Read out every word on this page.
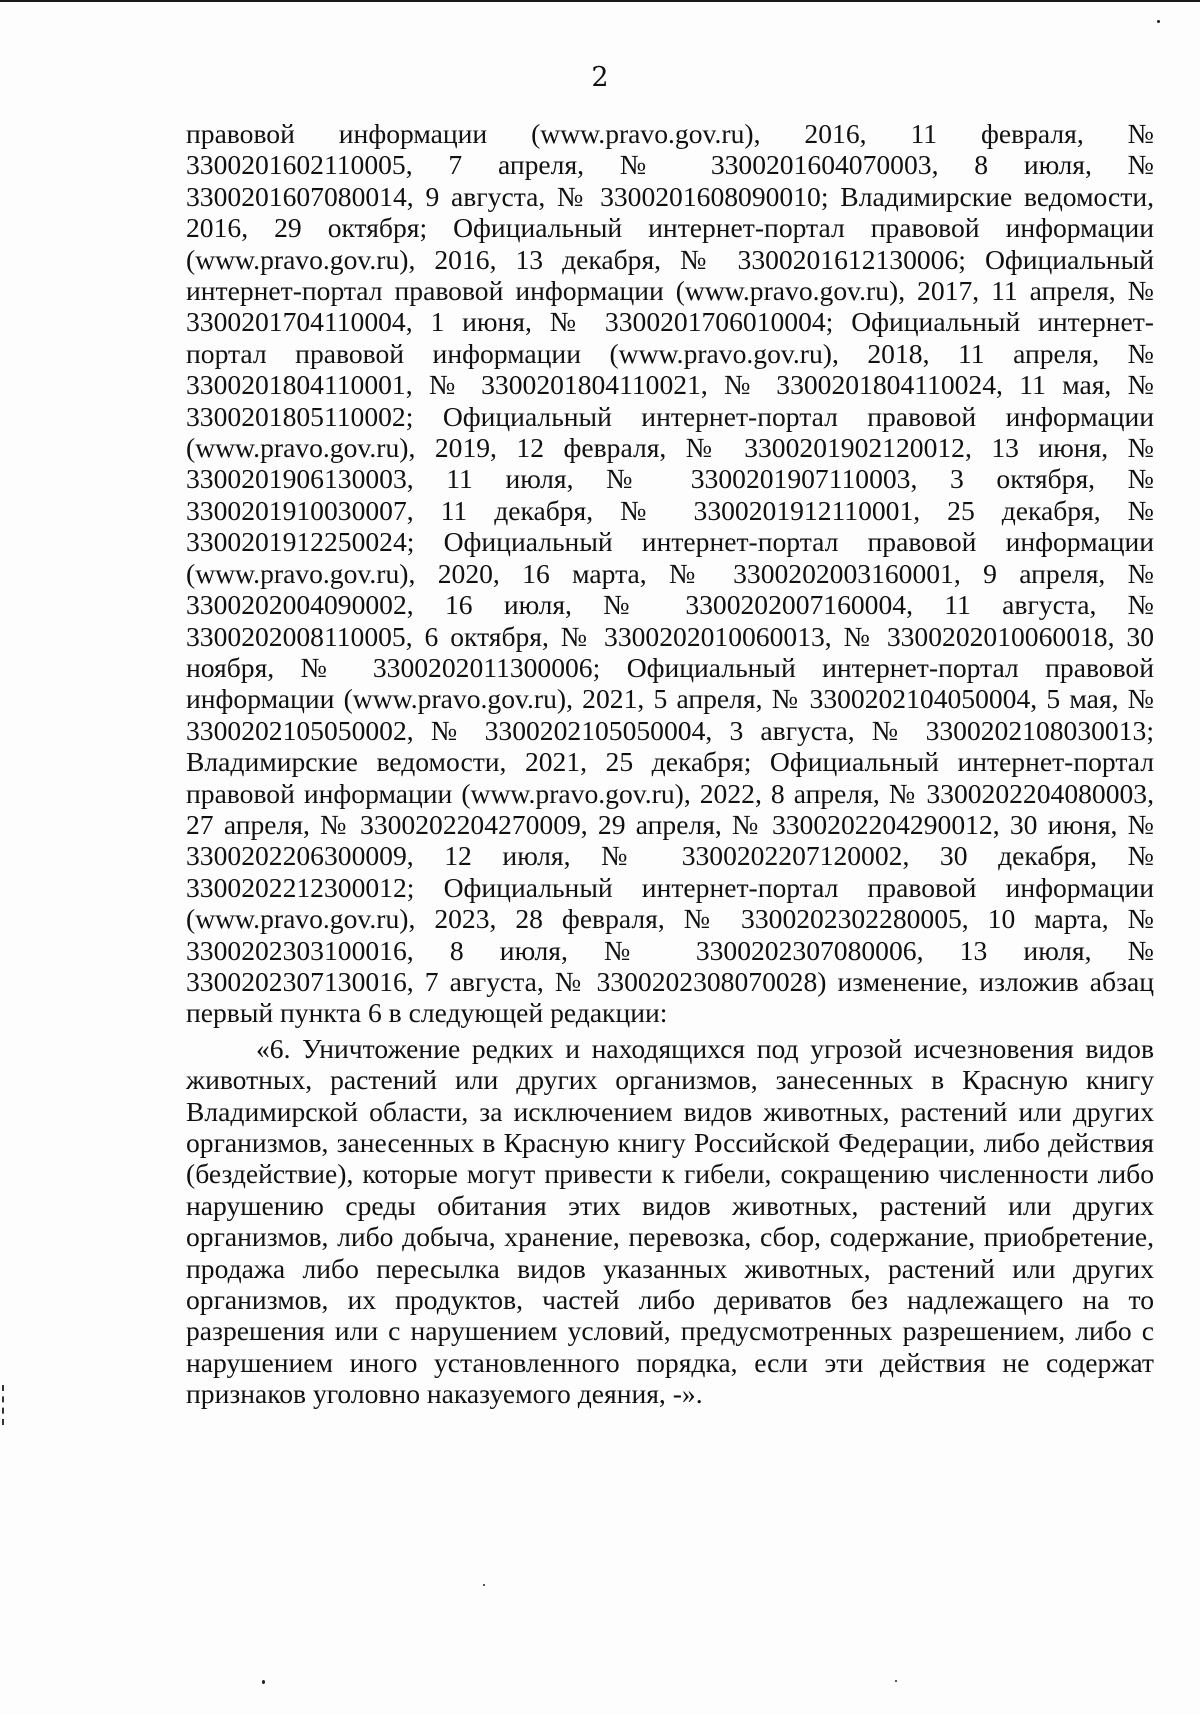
2

правовой информации (www.pravo.gov.ru), 2016, 11 февраля, № 3300201602110005, 7 апреля, № 3300201604070003, 8 июля, № 3300201607080014, 9 августа, № 3300201608090010; Владимирские ведомости, 2016, 29 октября; Официальный интернет-портал правовой информации (www.pravo.gov.ru), 2016, 13 декабря, № 3300201612130006; Официальный интернет-портал правовой информации (www.pravo.gov.ru), 2017, 11 апреля, № 3300201704110004, 1 июня, № 3300201706010004; Официальный интернет-портал правовой информации (www.pravo.gov.ru), 2018, 11 апреля, № 3300201804110001, № 3300201804110021, № 3300201804110024, 11 мая, № 3300201805110002; Официальный интернет-портал правовой информации (www.pravo.gov.ru), 2019, 12 февраля, № 3300201902120012, 13 июня, № 3300201906130003, 11 июля, № 3300201907110003, 3 октября, № 3300201910030007, 11 декабря, № 3300201912110001, 25 декабря, № 3300201912250024; Официальный интернет-портал правовой информации (www.pravo.gov.ru), 2020, 16 марта, № 3300202003160001, 9 апреля, № 3300202004090002, 16 июля, № 3300202007160004, 11 августа, № 3300202008110005, 6 октября, № 3300202010060013, № 3300202010060018, 30 ноября, № 3300202011300006; Официальный интернет-портал правовой информации (www.pravo.gov.ru), 2021, 5 апреля, № 3300202104050004, 5 мая, № 3300202105050002, № 3300202105050004, 3 августа, № 3300202108030013; Владимирские ведомости, 2021, 25 декабря; Официальный интернет-портал правовой информации (www.pravo.gov.ru), 2022, 8 апреля, № 3300202204080003, 27 апреля, № 3300202204270009, 29 апреля, № 3300202204290012, 30 июня, № 3300202206300009, 12 июля, № 3300202207120002, 30 декабря, № 3300202212300012; Официальный интернет-портал правовой информации (www.pravo.gov.ru), 2023, 28 февраля, № 3300202302280005, 10 марта, № 3300202303100016, 8 июля, № 3300202307080006, 13 июля, № 3300202307130016, 7 августа, № 3300202308070028) изменение, изложив абзац первый пункта 6 в следующей редакции:

«6. Уничтожение редких и находящихся под угрозой исчезновения видов животных, растений или других организмов, занесенных в Красную книгу Владимирской области, за исключением видов животных, растений или других организмов, занесенных в Красную книгу Российской Федерации, либо действия (бездействие), которые могут привести к гибели, сокращению численности либо нарушению среды обитания этих видов животных, растений или других организмов, либо добыча, хранение, перевозка, сбор, содержание, приобретение, продажа либо пересылка видов указанных животных, растений или других организмов, их продуктов, частей либо дериватов без надлежащего на то разрешения или с нарушением условий, предусмотренных разрешением, либо с нарушением иного установленного порядка, если эти действия не содержат признаков уголовно наказуемого деяния, -».
